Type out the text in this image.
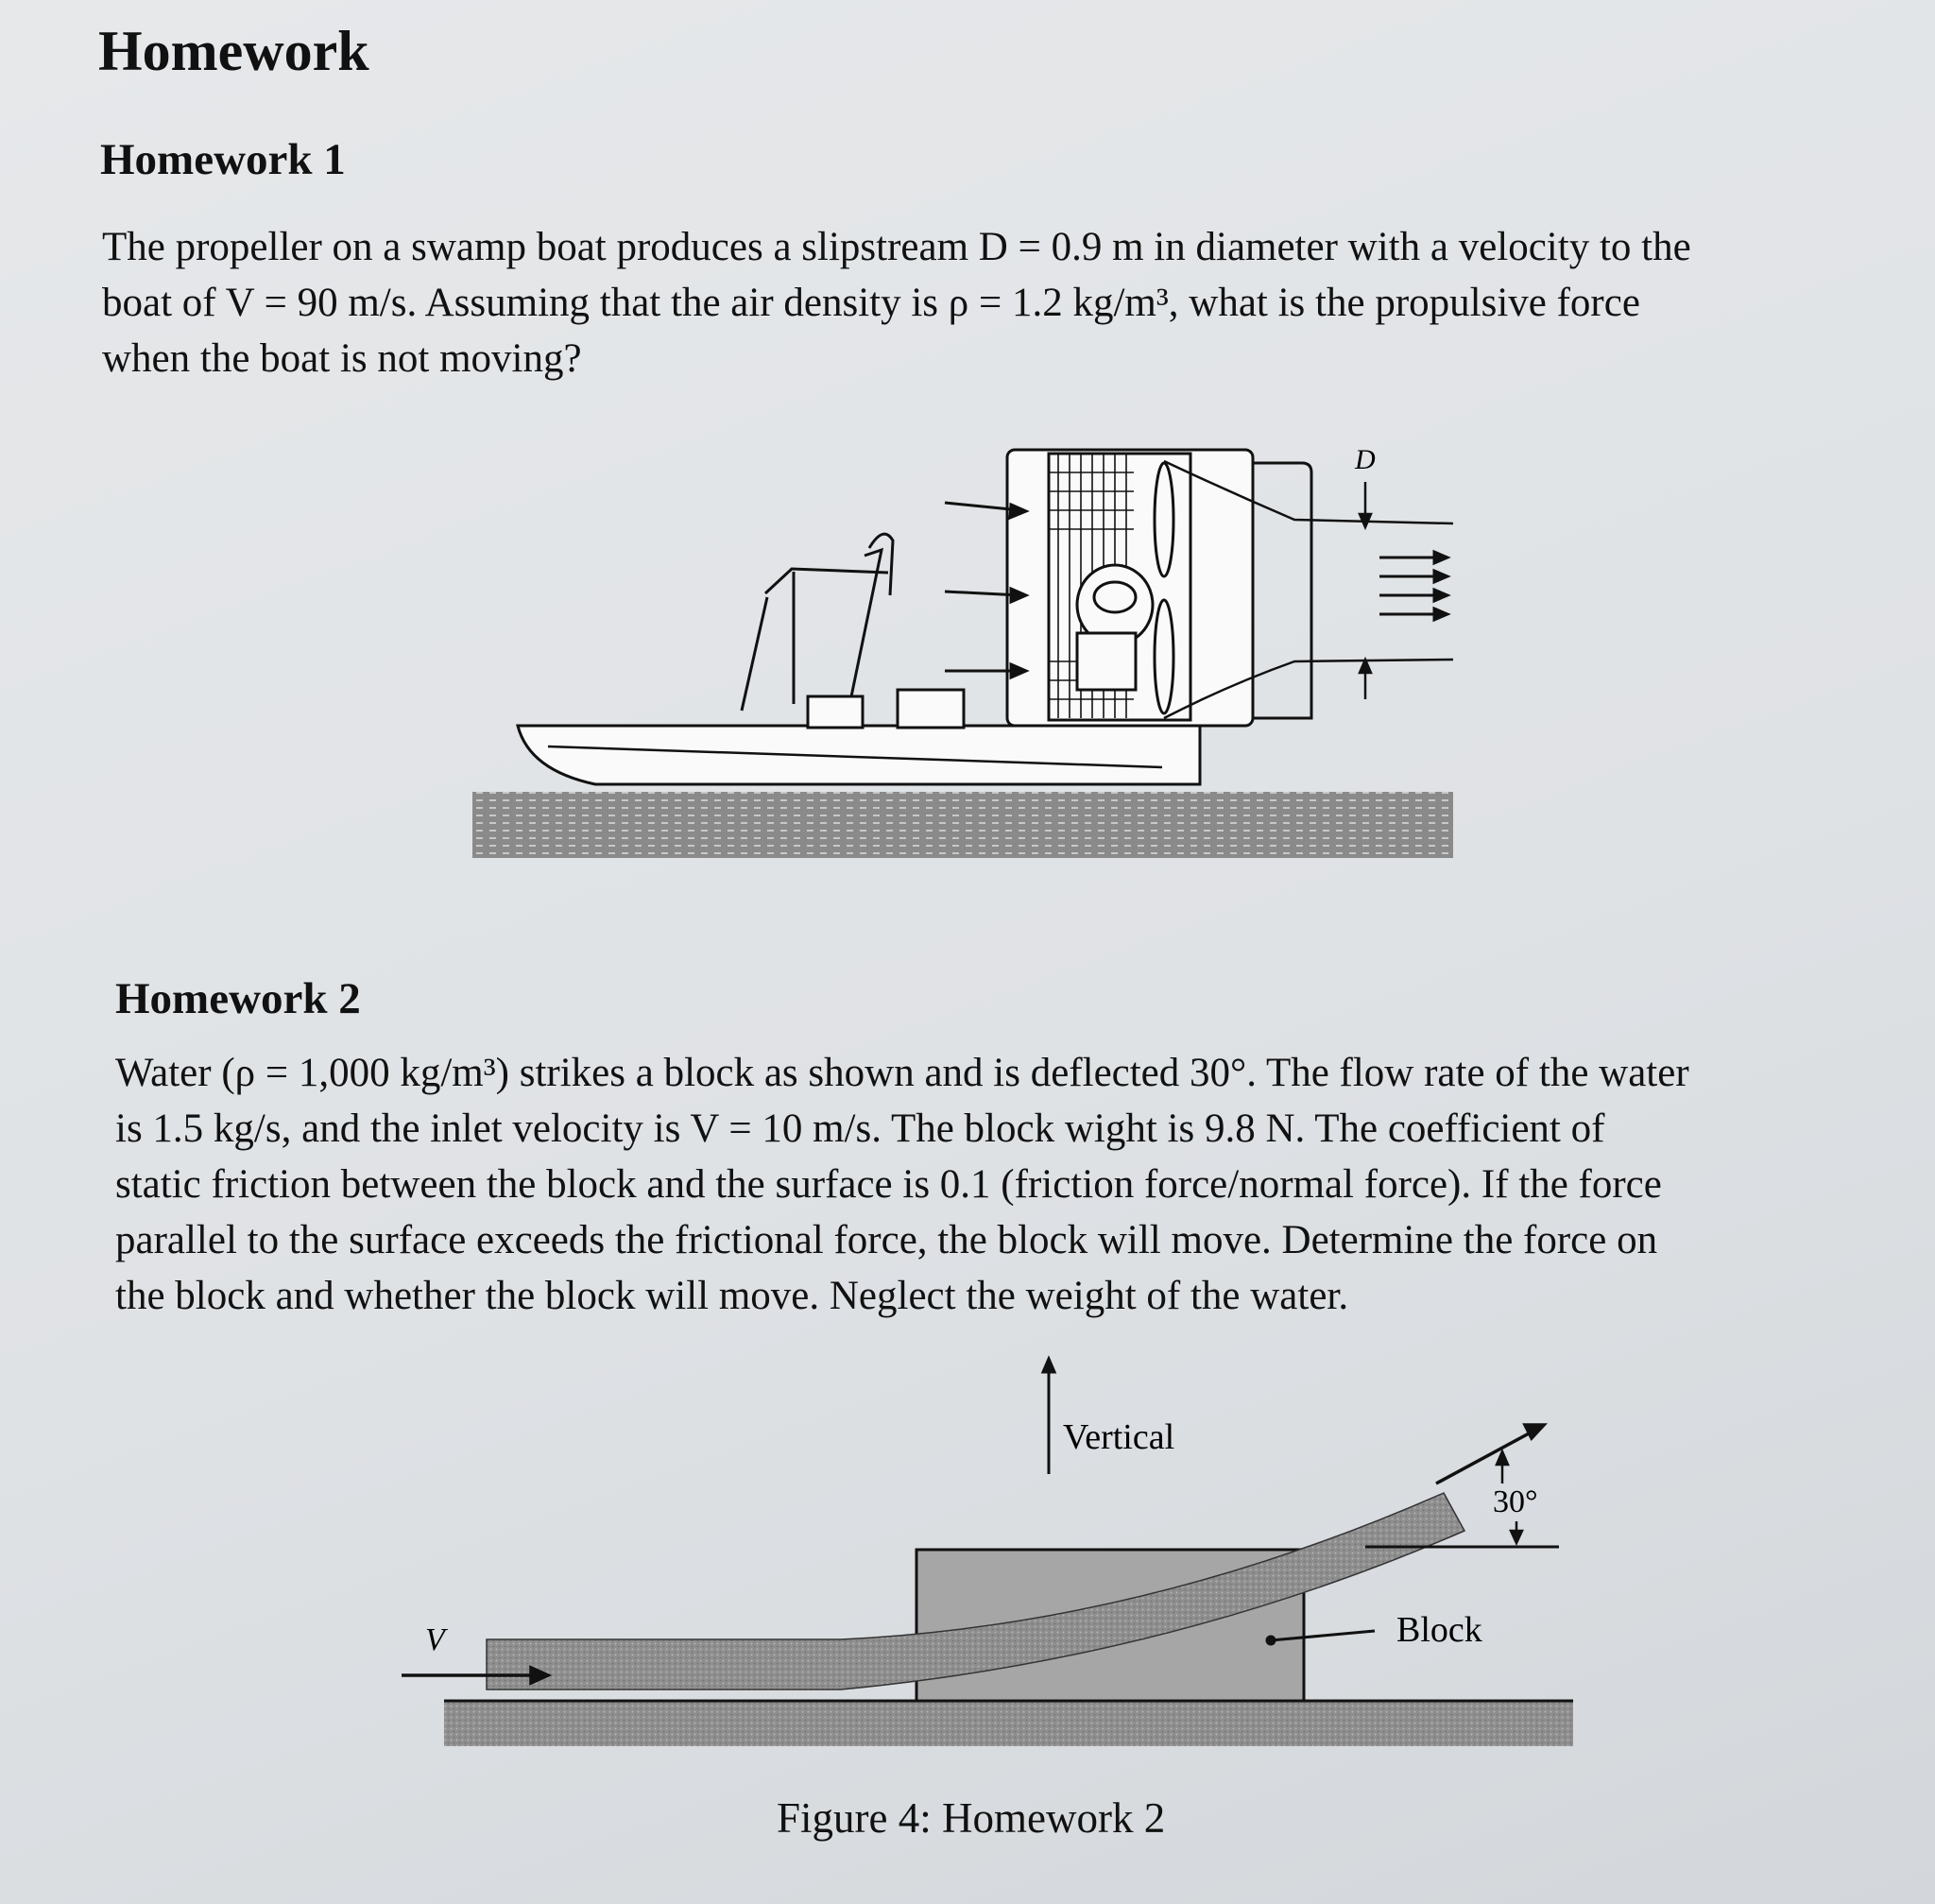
Homework
Homework 1
The propeller on a swamp boat produces a slipstream D = 0.9 m in diameter with a velocity to the
boat of V = 90 m/s. Assuming that the air density is ρ = 1.2 kg/m³, what is the propulsive force
when the boat is not moving?
D
Homework 2
Water (ρ = 1,000 kg/m³) strikes a block as shown and is deflected 30°. The flow rate of the water
is 1.5 kg/s, and the inlet velocity is V = 10 m/s. The block wight is 9.8 N. The coefficient of
static friction between the block and the surface is 0.1 (friction force/normal force). If the force
parallel to the surface exceeds the frictional force, the block will move. Determine the force on
the block and whether the block will move. Neglect the weight of the water.
Vertical
30°
Block
V

Figure 4: Homework 2
